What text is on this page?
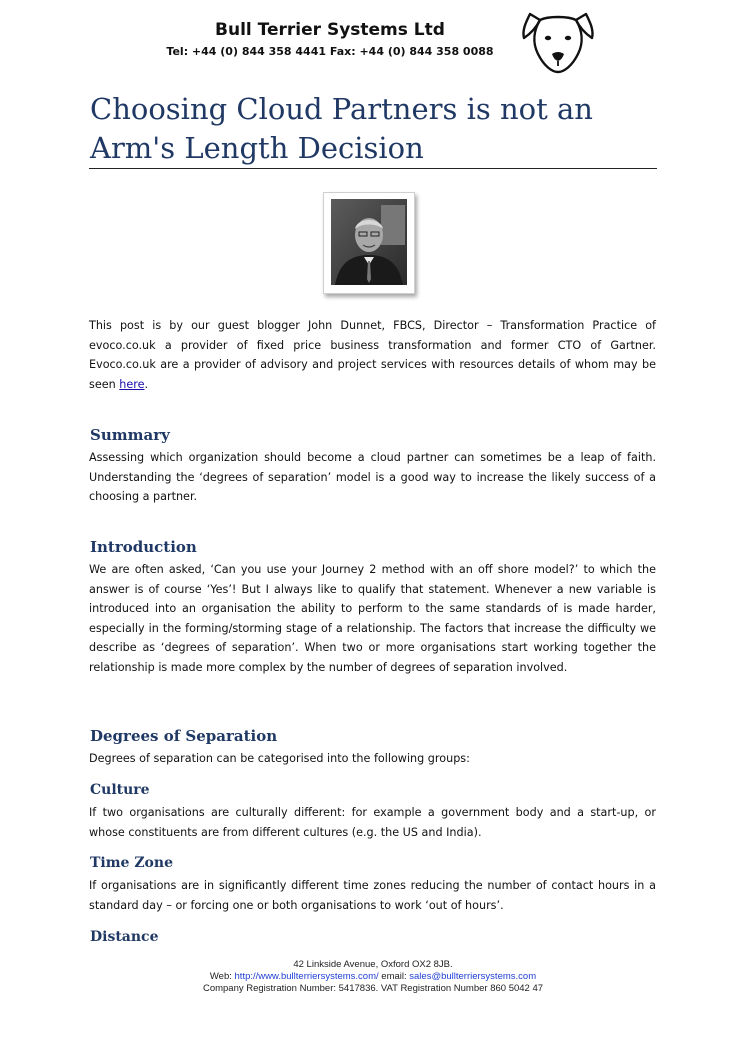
Bull Terrier Systems Ltd
Tel: +44 (0) 844 358 4441 Fax: +44 (0) 844 358 0088
Choosing Cloud Partners is not an
Arm's Length Decision

This post is by our guest blogger John Dunnet, FBCS, Director – Transformation Practice of evoco.co.uk a provider of fixed price business transformation and former CTO of Gartner. Evoco.co.uk are a provider of advisory and project services with resources details of whom may be seen here.

Summary

Assessing which organization should become a cloud partner can sometimes be a leap of faith. Understanding the ‘degrees of separation’ model is a good way to increase the likely success of a choosing a partner.

Introduction

We are often asked, ‘Can you use your Journey 2 method with an off shore model?’ to which the answer is of course ‘Yes’! But I always like to qualify that statement. Whenever a new variable is introduced into an organisation the ability to perform to the same standards of is made harder, especially in the forming/storming stage of a relationship. The factors that increase the difficulty we describe as ‘degrees of separation’. When two or more organisations start working together the relationship is made more complex by the number of degrees of separation involved.

Degrees of Separation

Degrees of separation can be categorised into the following groups:

Culture

If two organisations are culturally different: for example a government body and a start-up, or whose constituents are from different cultures (e.g. the US and India).

Time Zone

If organisations are in significantly different time zones reducing the number of contact hours in a standard day – or forcing one or both organisations to work ‘out of hours’.

Distance
42 Linkside Avenue, Oxford OX2 8JB.
Web: http://www.bullterriersystems.com/ email: sales@bullterriersystems.com
Company Registration Number: 5417836. VAT Registration Number 860 5042 47
